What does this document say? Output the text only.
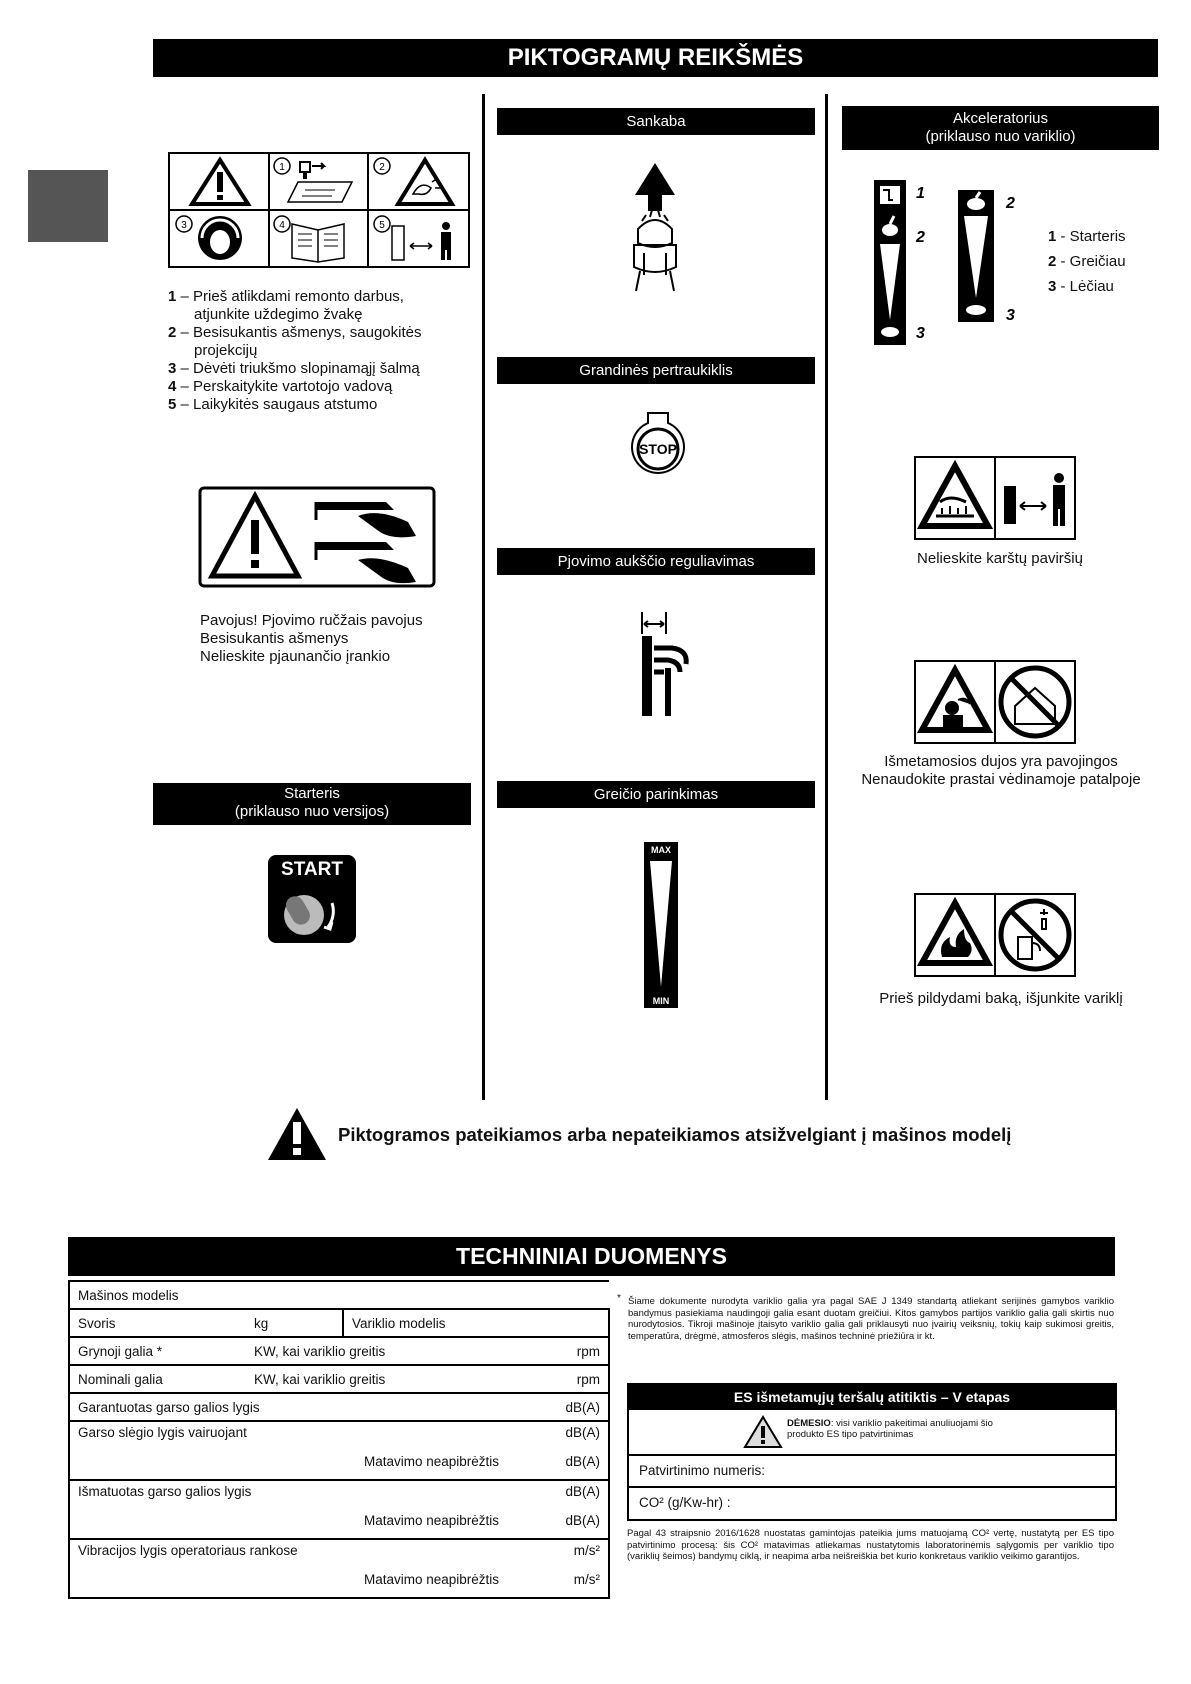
PIKTOGRAMŲ REIKŠMĖS
1	2
3	4	5
1 – Prieš atlikdami remonto darbus,
atjunkite uždegimo žvakę
2 – Besisukantis ašmenys, saugokitės
projekcijų
3 – Dėvėti triukšmo slopinamąjį šalmą
4 – Perskaitykite vartotojo vadovą
5 – Laikykitės saugaus atstumo
Pavojus! Pjovimo ručžais pavojus
Besisukantis ašmenys
Nelieskite pjaunančio įrankio
Starteris
(priklauso nuo versijos)
START
Sankaba
Grandinės pertraukiklis
STOP
Pjovimo aukščio reguliavimas
Greičio parinkimas
MAX
MIN
Akceleratorius
(priklauso nuo variklio)
1
2
3
2
3
1 - Starteris
2 - Greičiau
3 - Lėčiau
Nelieskite karštų paviršių
Išmetamosios dujos yra pavojingos
Nenaudokite prastai vėdinamoje patalpoje
Prieš pildydami baką, išjunkite variklį
Piktogramos pateikiamos arba nepateikiamos atsižvelgiant į mašinos modelį
TECHNINIAI DUOMENYS
Mašinos modelis		
Svoris	kg	Variklio modelis
Grynoji galia *	KW, kai variklio greitis rpm	

Nominali galia	KW, kai variklio greitis rpm	

Garantuotas garso galios lygis dB(A)		

Garso slėgio lygis vairuojant dB(A)
Matavimo neapibrėžtis dB(A)		

Išmatuotas garso galios lygis dB(A)
Matavimo neapibrėžtis dB(A)		

Vibracijos lygis operatoriaus rankose m/s²
Matavimo neapibrėžtis m/s²		
* Šiame dokumente nurodyta variklio galia yra pagal SAE J 1349 standartą atliekant serijinės gamybos variklio bandymus pasiekiama naudingoji galia esant duotam greičiui. Kitos gamybos partijos variklio galia gali skirtis nuo nurodytosios. Tikroji mašinoje įtaisyto variklio galia gali priklausyti nuo įvairių veiksnių, tokių kaip sukimosi greitis, temperatūra, drėgmė, atmosferos slėgis, mašinos techninė priežiūra ir kt.
ES išmetamųjų teršalų atitiktis – V etapas
DĖMESIO: visi variklio pakeitimai anuliuojami šio produkto ES tipo patvirtinimas
Patvirtinimo numeris:
CO² (g/Kw-hr) :
Pagal 43 straipsnio 2016/1628 nuostatas gamintojas pateikia jums matuojamą CO² vertę, nustatytą per ES tipo patvirtinimo procesą: šis CO² matavimas atliekamas nustatytomis laboratorinėmis sąlygomis per variklio tipo (variklių šeimos) bandymų ciklą, ir neapima arba neišreiškia bet kurio konkretaus variklio veikimo garantijos.
